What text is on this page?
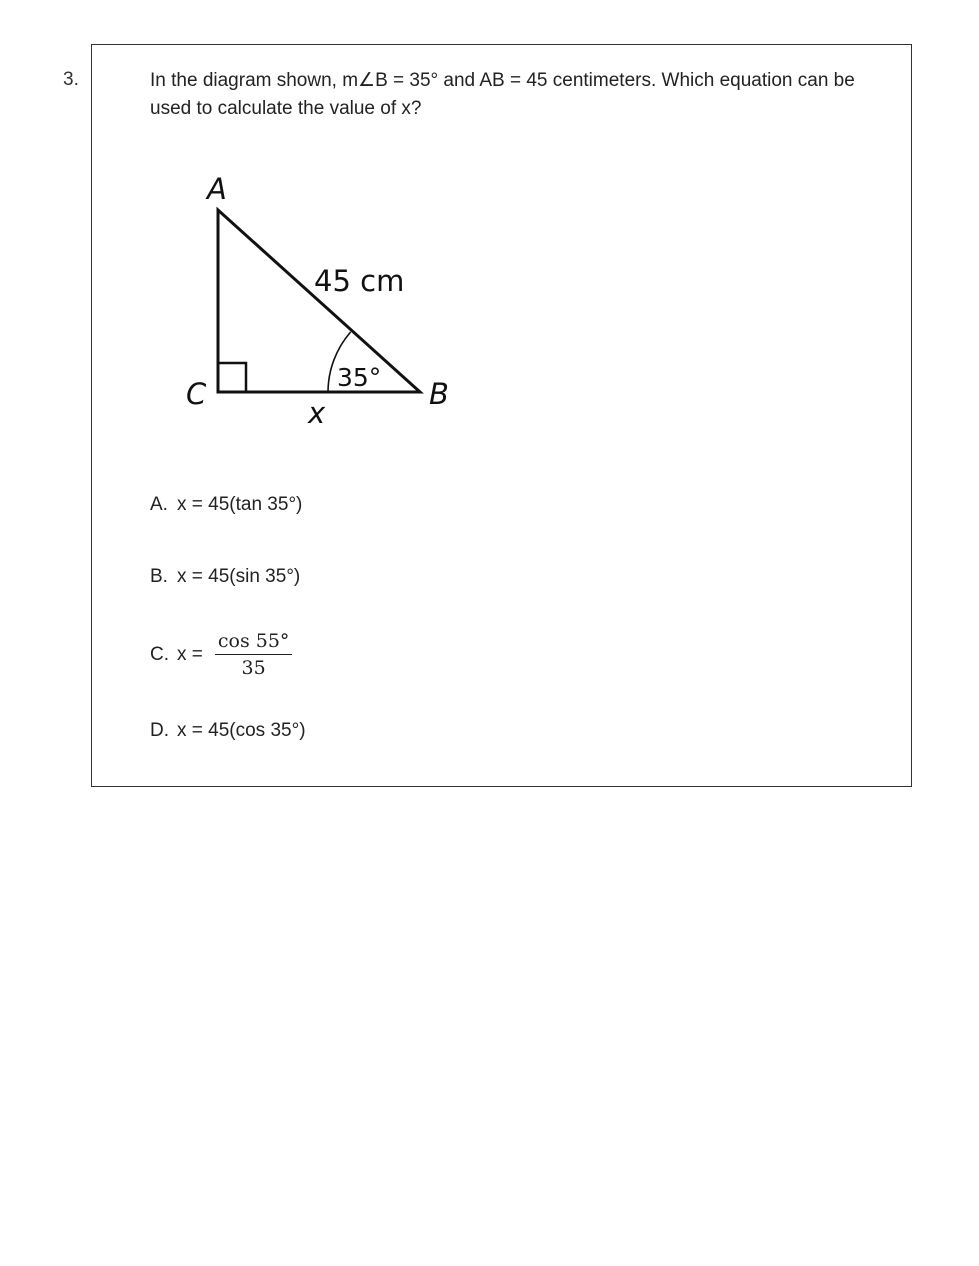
3.	In the diagram shown, m∠B = 35° and AB = 45 centimeters. Which equation can be used to calculate the value of x?
A
C	B
45 cm
35°
x
A. x = 45(tan 35°)
B. x = 45(sin 35°)
C. $x = \frac{\cos 55^\circ}{35}$
D. x = 45(cos 35°)
